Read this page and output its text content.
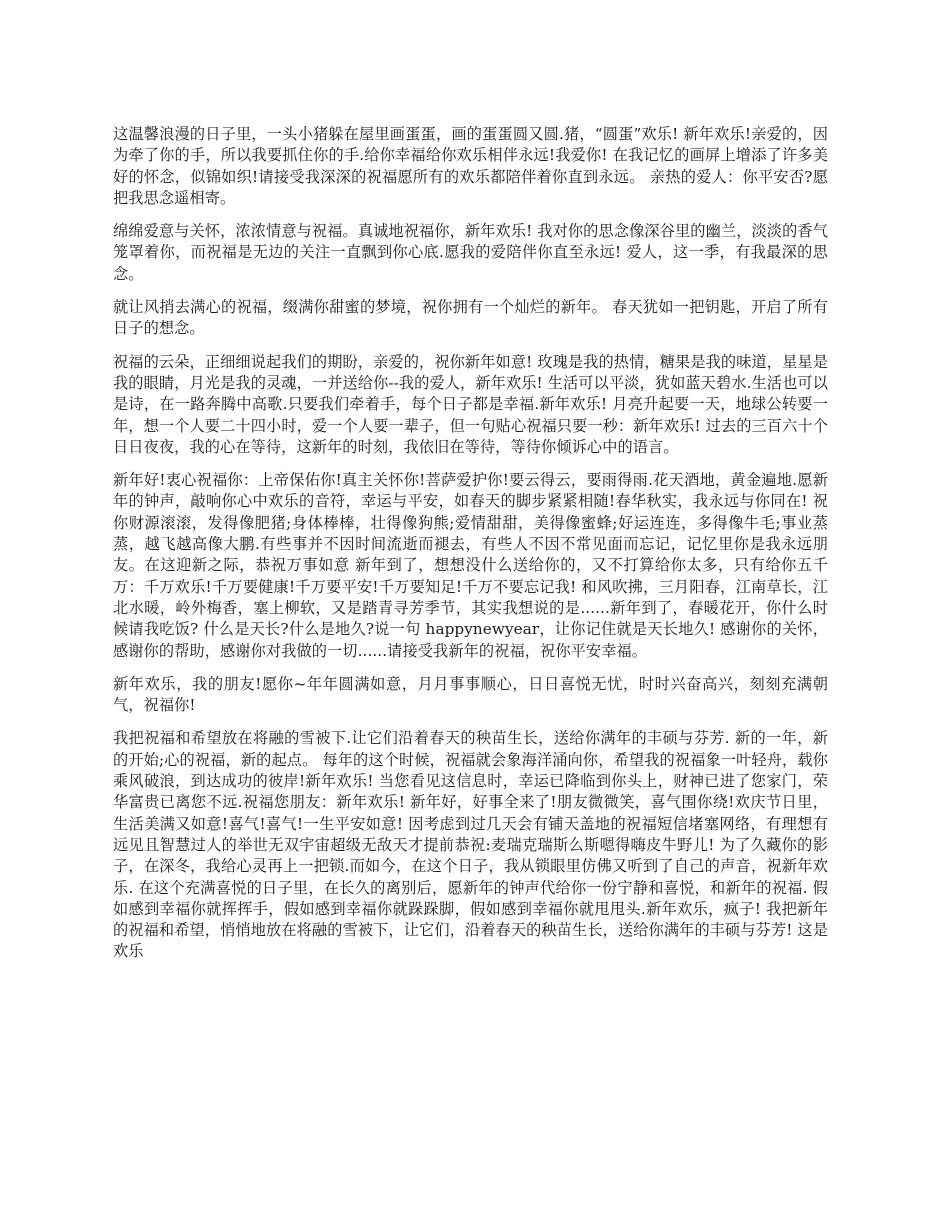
这温馨浪漫的日子里，一头小猪躲在屋里画蛋蛋，画的蛋蛋圆又圆.猪，“圆蛋”欢乐! 新年欢乐!亲爱的，因为牵了你的手，所以我要抓住你的手.给你幸福给你欢乐相伴永远!我爱你! 在我记忆的画屏上增添了许多美好的怀念，似锦如织!请接受我深深的祝福愿所有的欢乐都陪伴着你直到永远。 亲热的爱人：你平安否?愿把我思念遥相寄。

绵绵爱意与关怀，浓浓情意与祝福。真诚地祝福你，新年欢乐! 我对你的思念像深谷里的幽兰，淡淡的香气笼罩着你，而祝福是无边的关注一直飘到你心底.愿我的爱陪伴你直至永远! 爱人，这一季，有我最深的思念。

就让风捎去满心的祝福，缀满你甜蜜的梦境，祝你拥有一个灿烂的新年。 春天犹如一把钥匙，开启了所有日子的想念。

祝福的云朵，正细细说起我们的期盼，亲爱的，祝你新年如意! 玫瑰是我的热情，糖果是我的味道，星星是我的眼睛，月光是我的灵魂，一并送给你--我的爱人，新年欢乐! 生活可以平淡，犹如蓝天碧水.生活也可以是诗，在一路奔腾中高歌.只要我们牵着手，每个日子都是幸福.新年欢乐! 月亮升起要一天，地球公转要一年，想一个人要二十四小时，爱一个人要一辈子，但一句贴心祝福只要一秒：新年欢乐! 过去的三百六十个日日夜夜，我的心在等待，这新年的时刻，我依旧在等待，等待你倾诉心中的语言。

新年好!衷心祝福你：上帝保佑你!真主关怀你!菩萨爱护你!要云得云，要雨得雨.花天酒地，黄金遍地.愿新年的钟声，敲响你心中欢乐的音符，幸运与平安，如春天的脚步紧紧相随!春华秋实，我永远与你同在! 祝你财源滚滚，发得像肥猪;身体棒棒，壮得像狗熊;爱情甜甜，美得像蜜蜂;好运连连，多得像牛毛;事业蒸蒸，越飞越高像大鹏.有些事并不因时间流逝而褪去，有些人不因不常见面而忘记，记忆里你是我永远朋友。在这迎新之际，恭祝万事如意 新年到了，想想没什么送给你的，又不打算给你太多，只有给你五千万：千万欢乐!千万要健康!千万要平安!千万要知足!千万不要忘记我! 和风吹拂，三月阳春，江南草长，江北水暖，岭外梅香，塞上柳软，又是踏青寻芳季节，其实我想说的是......新年到了，春暖花开，你什么时候请我吃饭? 什么是天长?什么是地久?说一句 happynewyear，让你记住就是天长地久! 感谢你的关怀，感谢你的帮助，感谢你对我做的一切......请接受我新年的祝福，祝你平安幸福。

新年欢乐，我的朋友!愿你~年年圆满如意，月月事事顺心，日日喜悦无忧，时时兴奋高兴，刻刻充满朝气，祝福你!

我把祝福和希望放在将融的雪被下.让它们沿着春天的秧苗生长，送给你满年的丰硕与芬芳. 新的一年，新的开始;心的祝福，新的起点。 每年的这个时候，祝福就会象海洋涌向你，希望我的祝福象一叶轻舟，载你乘风破浪，到达成功的彼岸!新年欢乐! 当您看见这信息时，幸运已降临到你头上，财神已进了您家门，荣华富贵已离您不远.祝福您朋友：新年欢乐! 新年好，好事全来了!朋友微微笑，喜气围你绕!欢庆节日里，生活美满又如意!喜气!喜气!一生平安如意! 因考虑到过几天会有铺天盖地的祝福短信堵塞网络，有理想有远见且智慧过人的举世无双宇宙超级无敌天才提前恭祝:麦瑞克瑞斯么斯嗯得嗨皮牛野儿! 为了久藏你的影子，在深冬，我给心灵再上一把锁.而如今，在这个日子，我从锁眼里仿佛又听到了自己的声音，祝新年欢乐. 在这个充满喜悦的日子里，在长久的离别后，愿新年的钟声代给你一份宁静和喜悦，和新年的祝福. 假如感到幸福你就挥挥手，假如感到幸福你就跺跺脚，假如感到幸福你就甩甩头.新年欢乐，疯子! 我把新年的祝福和希望，悄悄地放在将融的雪被下，让它们，沿着春天的秧苗生长，送给你满年的丰硕与芬芳! 这是欢乐
